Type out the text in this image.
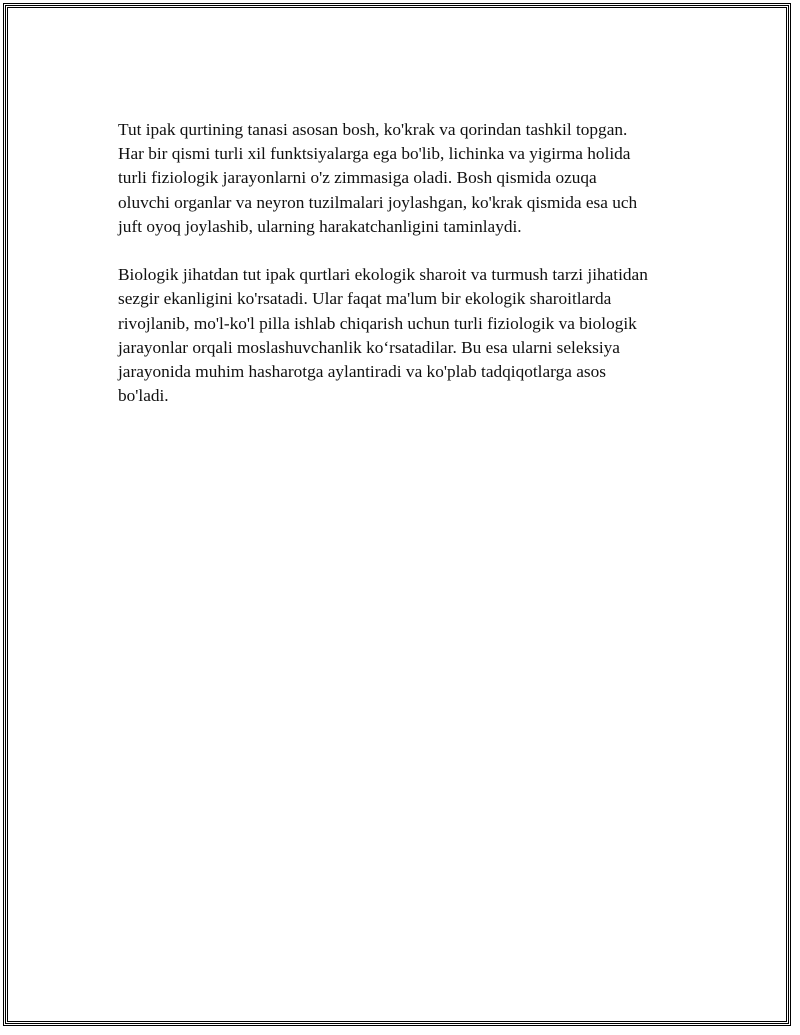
Tut ipak qurtining tanasi asosan bosh, ko'krak va qorindan tashkil topgan.
Har bir qismi turli xil funktsiyalarga ega bo'lib, lichinka va yigirma holida
turli fiziologik jarayonlarni o'z zimmasiga oladi. Bosh qismida ozuqa
oluvchi organlar va neyron tuzilmalari joylashgan, ko'krak qismida esa uch
juft oyoq joylashib, ularning harakatchanligini taminlaydi.

Biologik jihatdan tut ipak qurtlari ekologik sharoit va turmush tarzi jihatidan
sezgir ekanligini ko'rsatadi. Ular faqat ma'lum bir ekologik sharoitlarda
rivojlanib, mo'l-ko'l pilla ishlab chiqarish uchun turli fiziologik va biologik
jarayonlar orqali moslashuvchanlik ko‘rsatadilar. Bu esa ularni seleksiya
jarayonida muhim hasharotga aylantiradi va ko'plab tadqiqotlarga asos
bo'ladi.
